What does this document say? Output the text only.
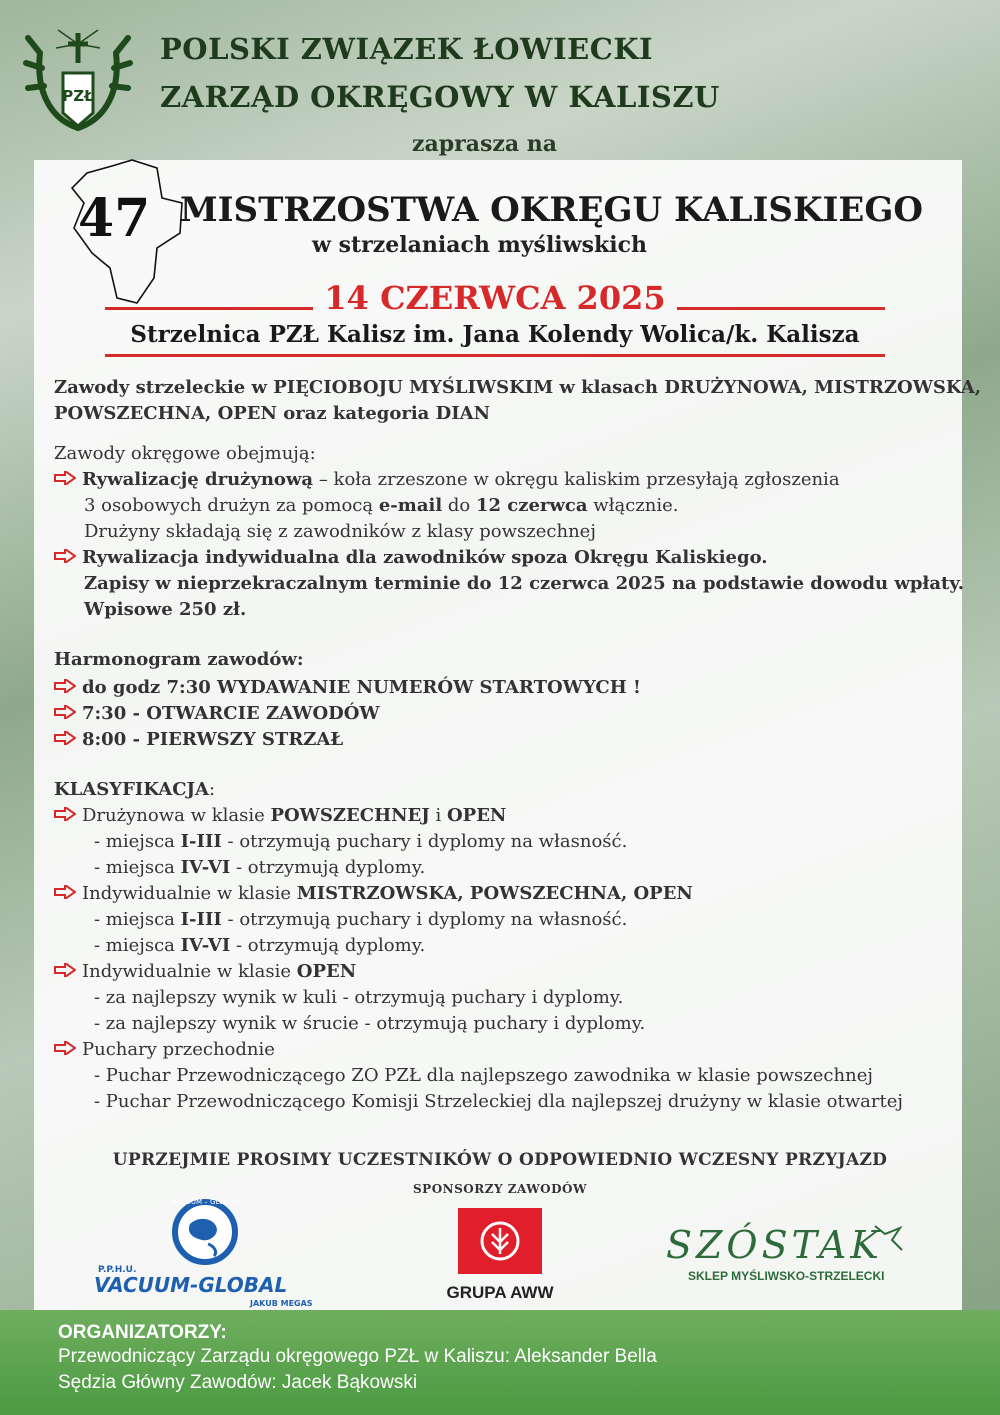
PZŁ
POLSKI ZWIĄZEK ŁOWIECKI
ZARZĄD OKRĘGOWY W KALISZU
zaprasza na
47 MISTRZOSTWA OKRĘGU KALISKIEGO
w strzelaniach myśliwskich
14 CZERWCA 2025
Strzelnica PZŁ Kalisz im. Jana Kolendy Wolica/k. Kalisza
Zawody strzeleckie w PIĘCIOBOJU MYŚLIWSKIM w klasach DRUŻYNOWA, MISTRZOWSKA,
POWSZECHNA, OPEN oraz kategoria DIAN
Zawody okręgowe obejmują:
Rywalizację drużynową – koła zrzeszone w okręgu kaliskim przesyłają zgłoszenia
3 osobowych drużyn za pomocą e-mail do 12 czerwca włącznie.
Drużyny składają się z zawodników z klasy powszechnej
Rywalizacja indywidualna dla zawodników spoza Okręgu Kaliskiego.
Zapisy w nieprzekraczalnym terminie do 12 czerwca 2025 na podstawie dowodu wpłaty.
Wpisowe 250 zł.
Harmonogram zawodów:
do godz 7:30 WYDAWANIE NUMERÓW STARTOWYCH !
7:30 - OTWARCIE ZAWODÓW
8:00 - PIERWSZY STRZAŁ
KLASYFIKACJA:
Drużynowa w klasie POWSZECHNEJ i OPEN
- miejsca I-III - otrzymują puchary i dyplomy na własność.
- miejsca IV-VI - otrzymują dyplomy.
Indywidualnie w klasie MISTRZOWSKA, POWSZECHNA, OPEN
- miejsca I-III - otrzymują puchary i dyplomy na własność.
- miejsca IV-VI - otrzymują dyplomy.
Indywidualnie w klasie OPEN
- za najlepszy wynik w kuli - otrzymują puchary i dyplomy.
- za najlepszy wynik w śrucie - otrzymują puchary i dyplomy.
Puchary przechodnie
- Puchar Przewodniczącego ZO PZŁ dla najlepszego zawodnika w klasie powszechnej
- Puchar Przewodniczącego Komisji Strzeleckiej dla najlepszej drużyny w klasie otwartej
UPRZEJMIE PROSIMY UCZESTNIKÓW O ODPOWIEDNIO WCZESNY PRZYJAZD
SPONSORZY ZAWODÓW
VACUUM – GLOBAL
P.P.H.U.
VACUUM-GLOBAL
JAKUB MEGAS
GRUPA AWW
SZÓSTAK
SKLEP MYŚLIWSKO-STRZELECKI
ORGANIZATORZY:
Przewodniczący Zarządu okręgowego PZŁ w Kaliszu: Aleksander Bella
Sędzia Główny Zawodów: Jacek Bąkowski
